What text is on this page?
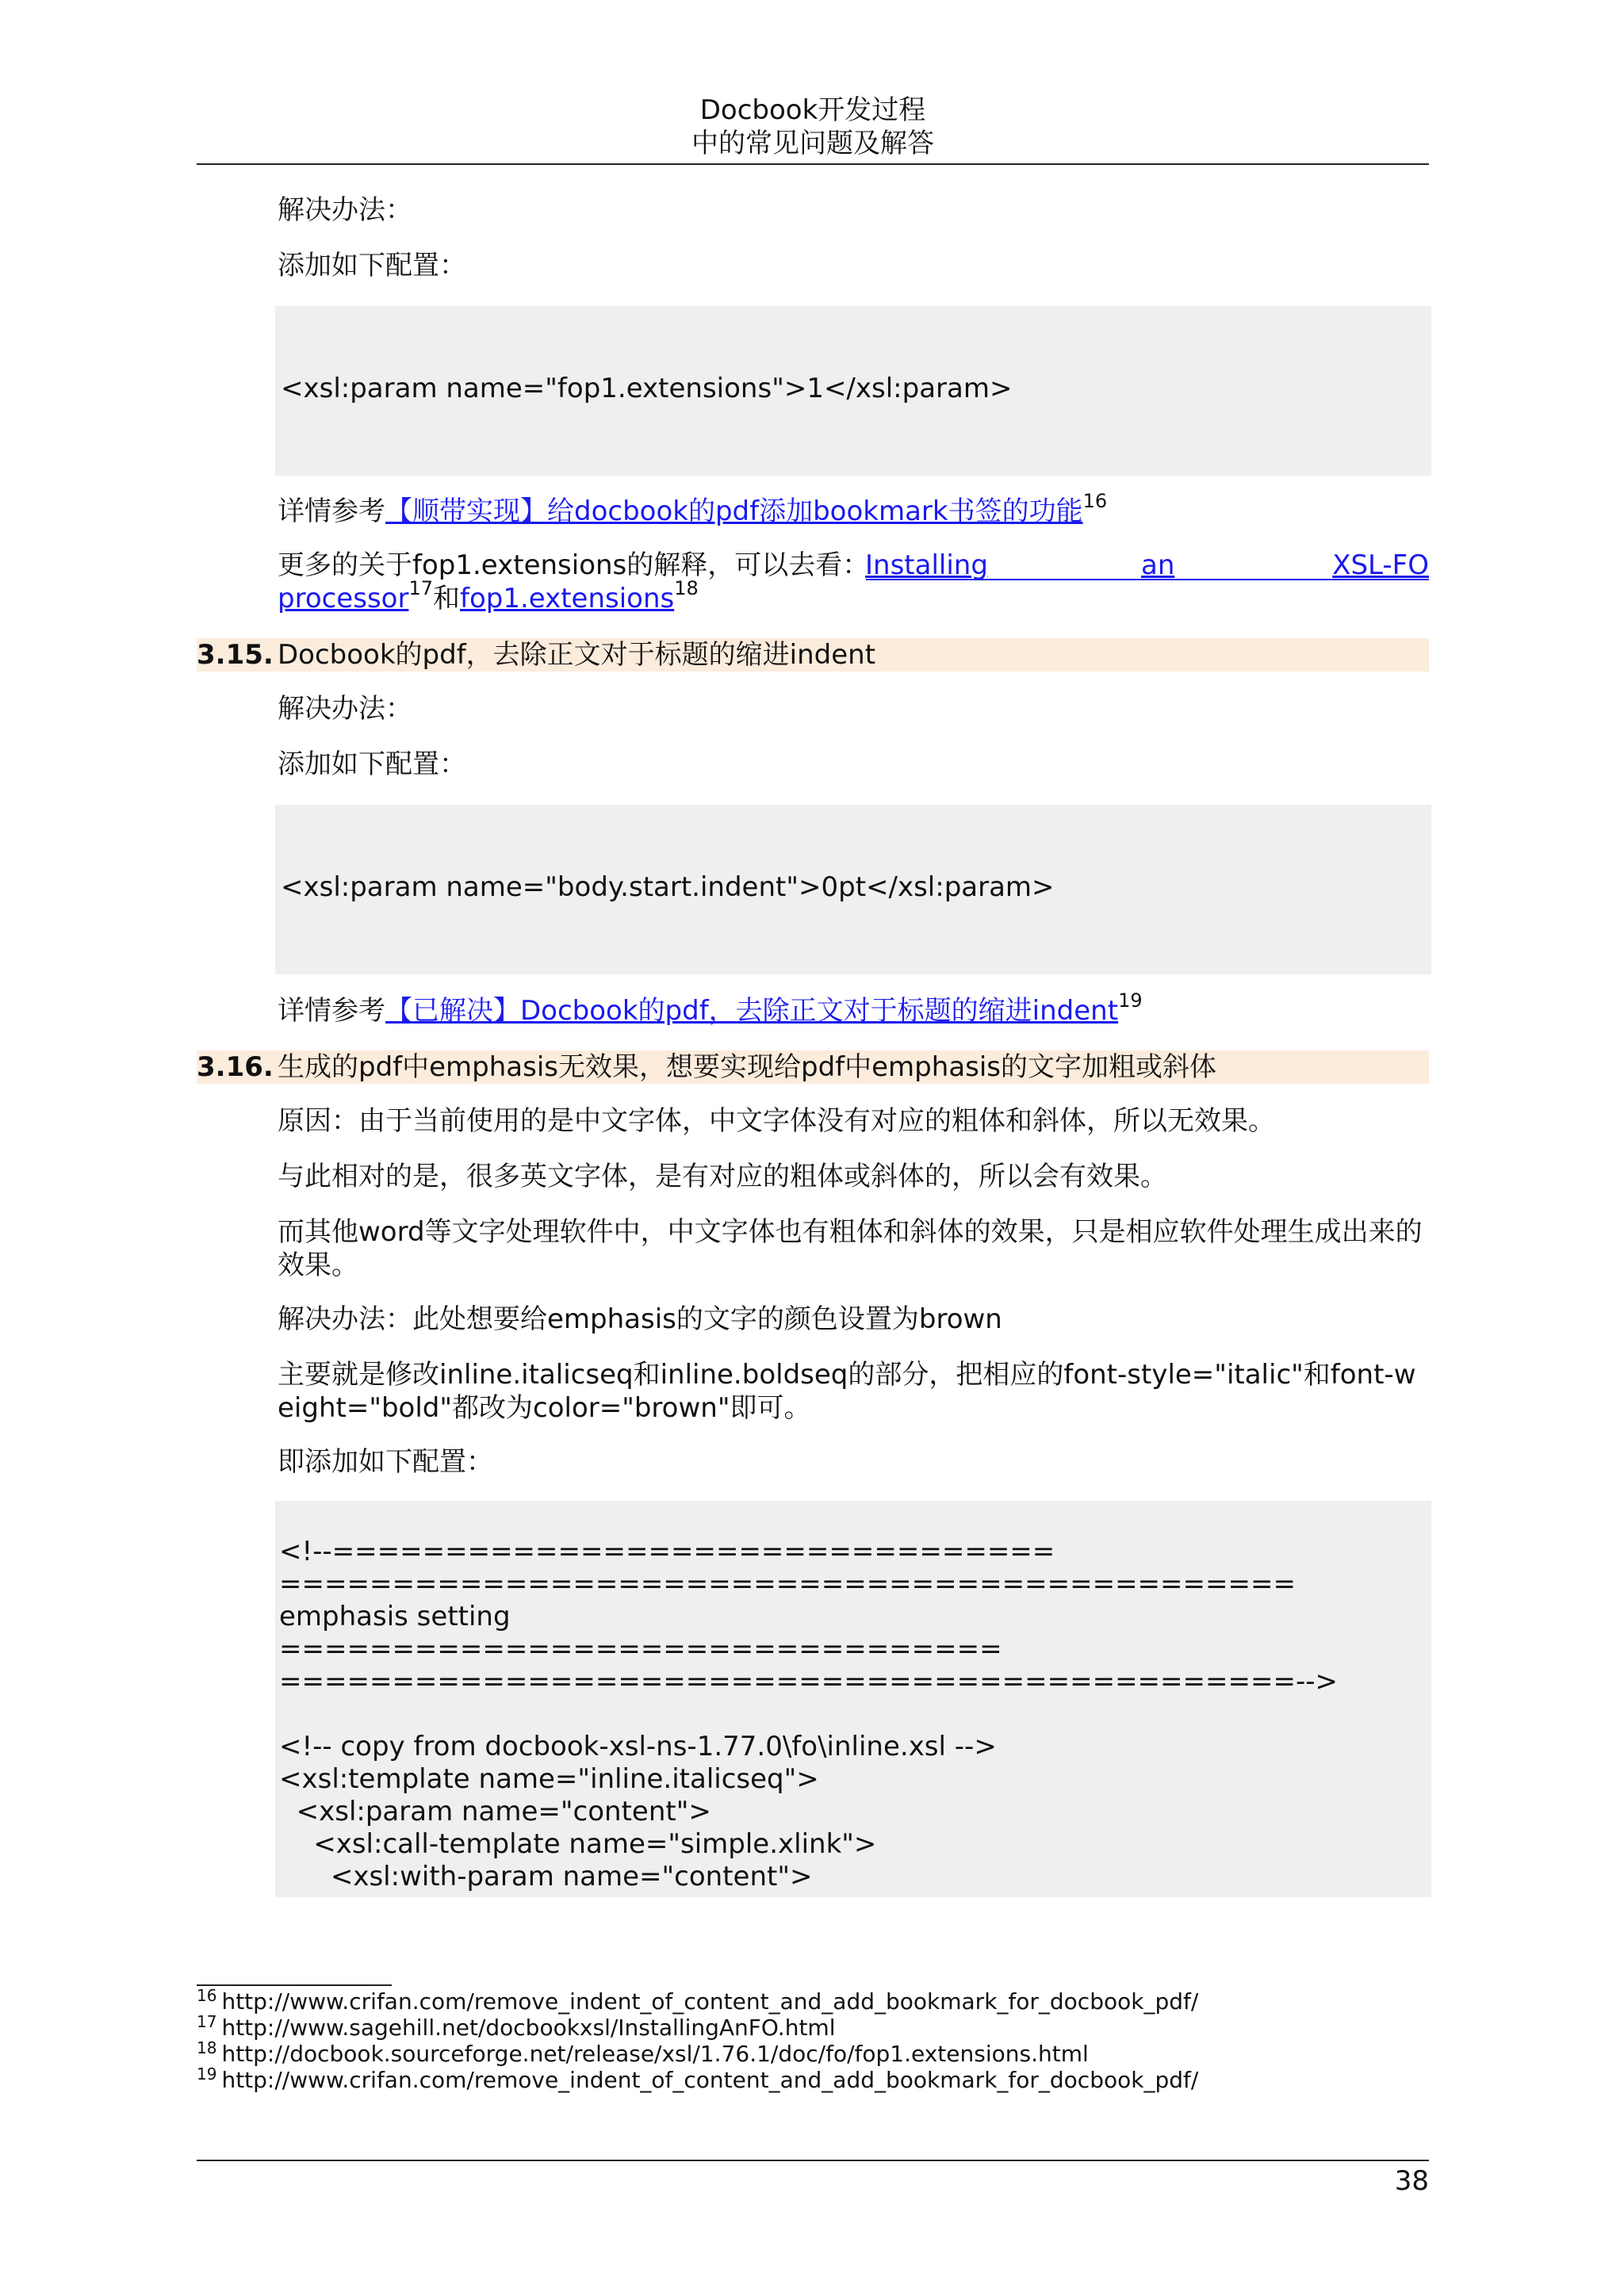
Docbook开发过程
中的常见问题及解答
解决办法：
添加如下配置：
<xsl:param name="fop1.extensions">1</xsl:param>
详情参考【顺带实现】给docbook的pdf添加bookmark书签的功能$^{16}$
更多的关于fop1.extensions的解释，可以去看：
Installing	an	XSL-FO
processor$^{17}$和fop1.extensions$^{18}$
3.15. Docbook的pdf，去除正文对于标题的缩进indent
解决办法：
添加如下配置：
<xsl:param name="body.start.indent">0pt</xsl:param>
详情参考【已解决】Docbook的pdf，去除正文对于标题的缩进indent$^{19}$
3.16. 生成的pdf中emphasis无效果，想要实现给pdf中emphasis的文字加粗或斜体
原因：由于当前使用的是中文字体，中文字体没有对应的粗体和斜体，所以无效果。
与此相对的是，很多英文字体，是有对应的粗体或斜体的，所以会有效果。
而其他word等文字处理软件中，中文字体也有粗体和斜体的效果，只是相应软件处理生成出来的效果。
解决办法：此处想要给emphasis的文字的颜色设置为brown
主要就是修改inline.italicseq和inline.boldseq的部分，把相应的font-style="italic"和font-weight="bold"都改为color="brown"即可。
即添加如下配置：
<!--================================
=============================================
emphasis setting
================================
=============================================-->

<!-- copy from docbook-xsl-ns-1.77.0\fo\inline.xsl -->
<xsl:template name="inline.italicseq">
<xsl:param name="content">
<xsl:call-template name="simple.xlink">
<xsl:with-param name="content">
$^{16}$ http://www.crifan.com/remove_indent_of_content_and_add_bookmark_for_docbook_pdf/
$^{17}$ http://www.sagehill.net/docbookxsl/InstallingAnFO.html
$^{18}$ http://docbook.sourceforge.net/release/xsl/1.76.1/doc/fo/fop1.extensions.html
$^{19}$ http://www.crifan.com/remove_indent_of_content_and_add_bookmark_for_docbook_pdf/
38
